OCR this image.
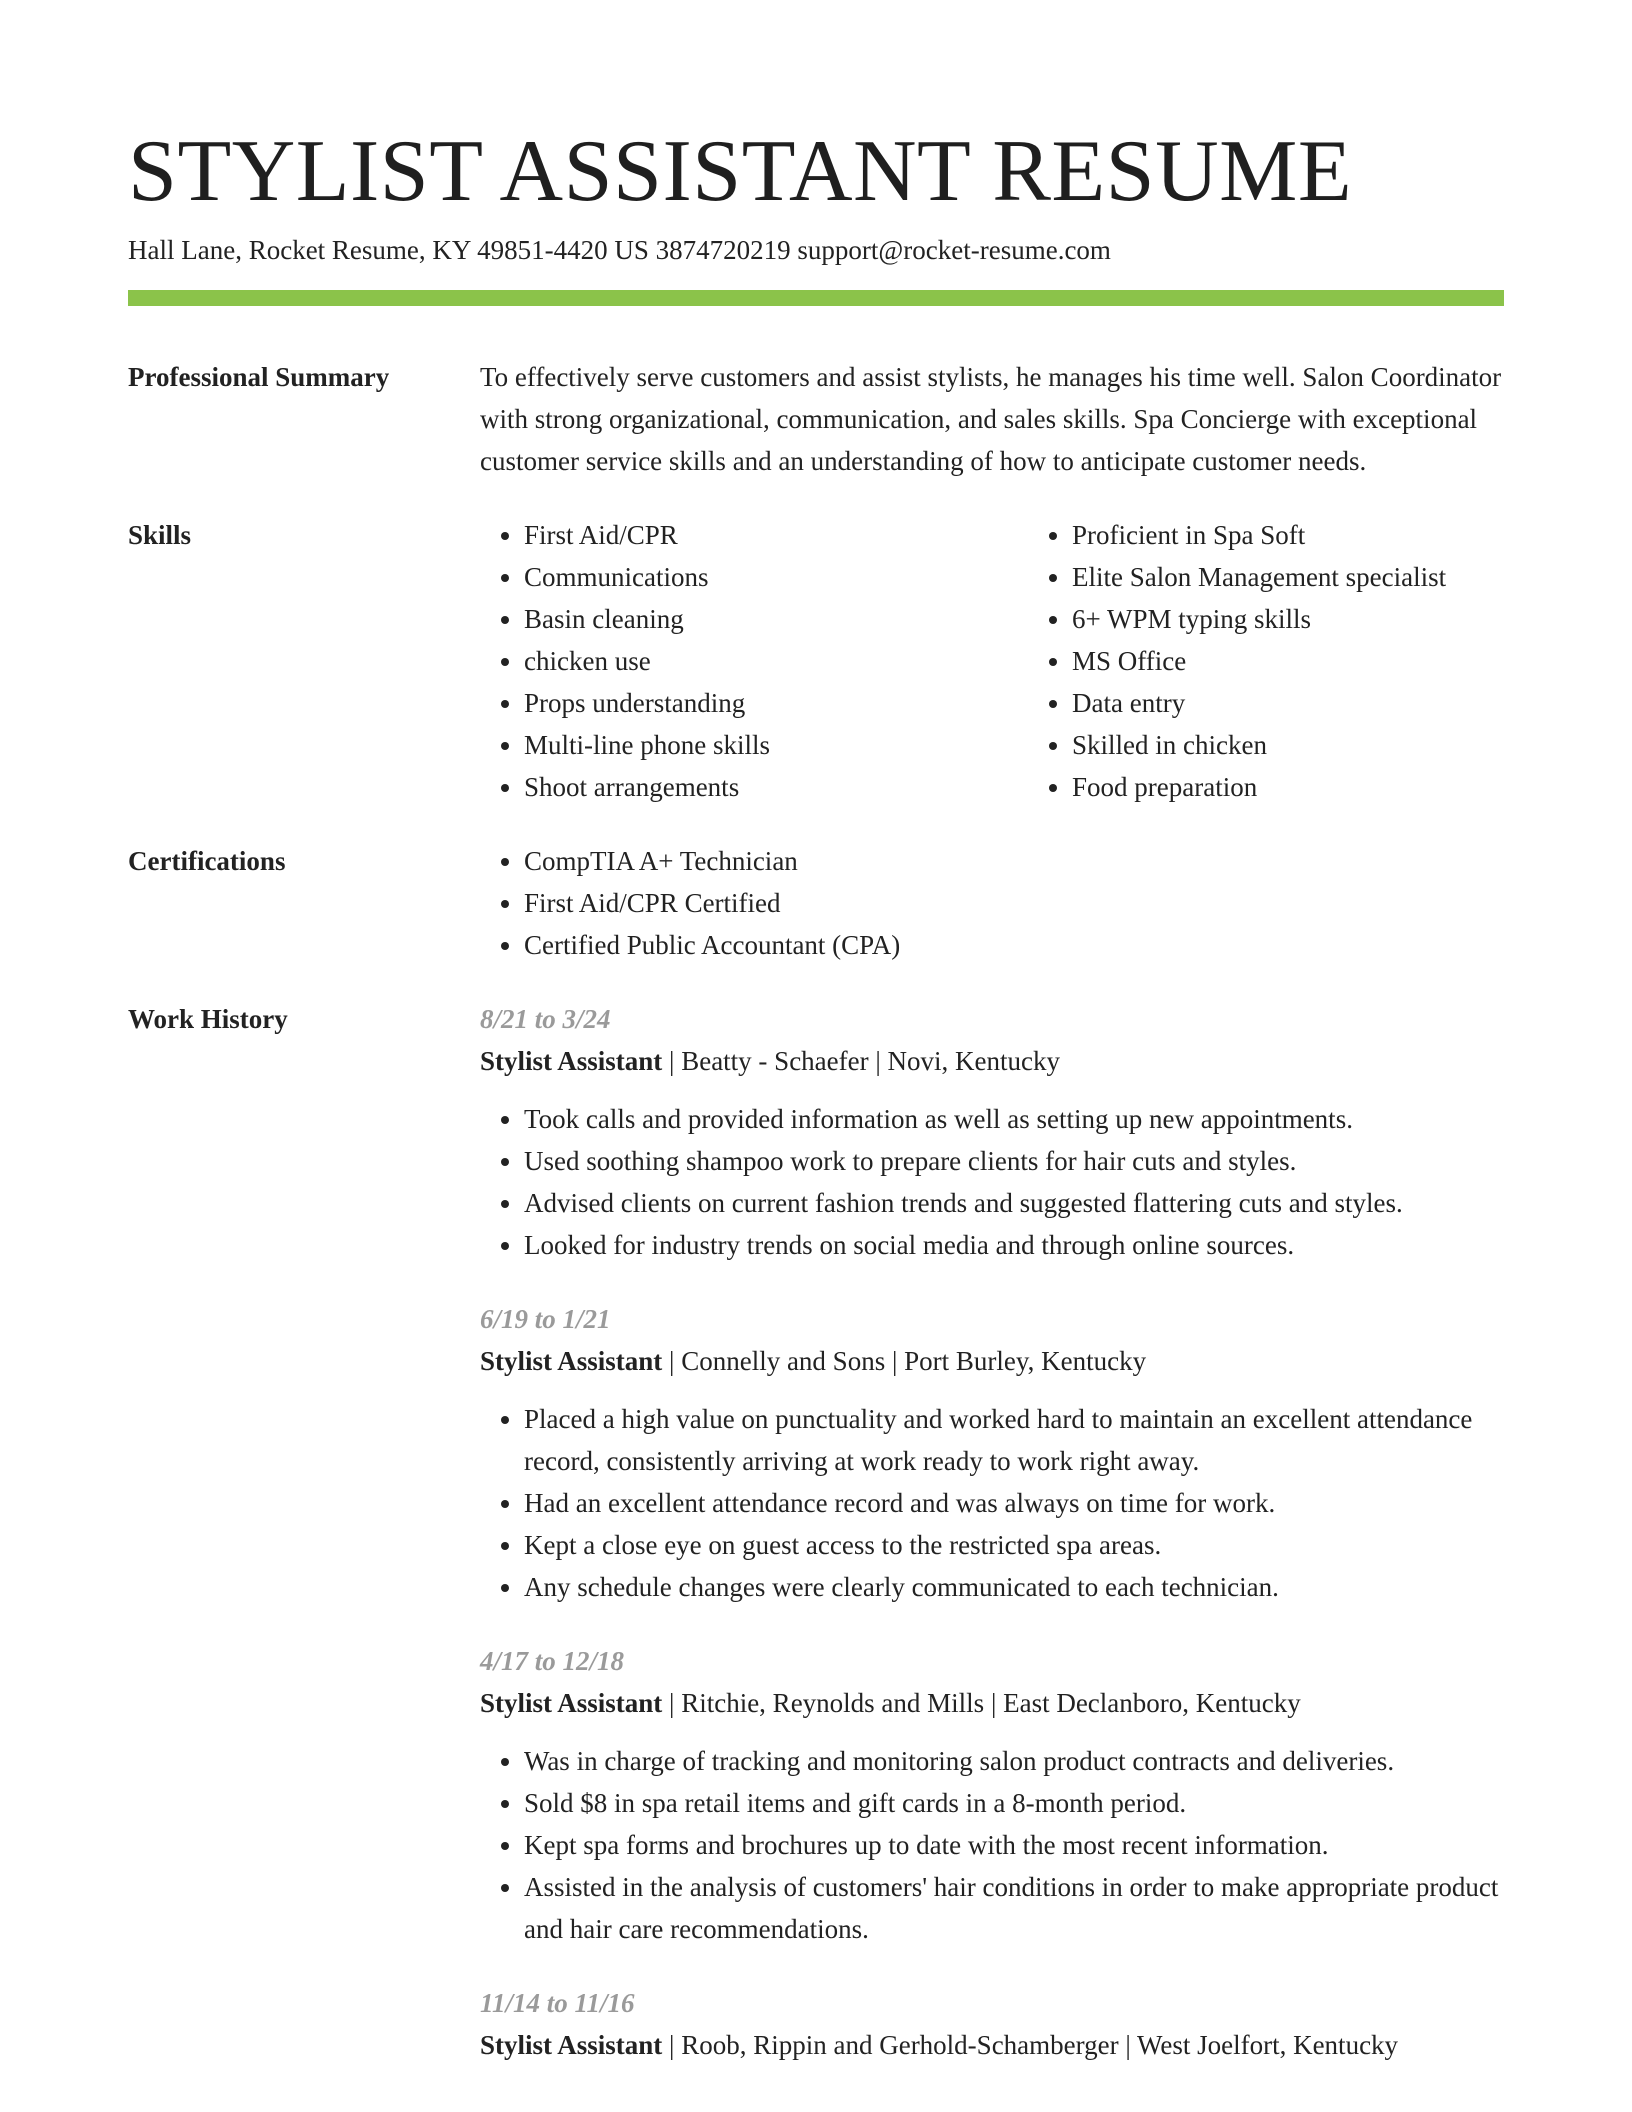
STYLIST ASSISTANT RESUME
Hall Lane, Rocket Resume, KY 49851-4420 US 3874720219 support@rocket-resume.com
Professional Summary	To effectively serve customers and assist stylists, he manages his time well. Salon Coordinator with strong organizational, communication, and sales skills. Spa Concierge with exceptional customer service skills and an understanding of how to anticipate customer needs.
Skills	• First Aid/CPR
• Communications
• Basin cleaning
• chicken use
• Props understanding
• Multi-line phone skills
• Shoot arrangements
• Proficient in Spa Soft
• Elite Salon Management specialist
• 6+ WPM typing skills
• MS Office
• Data entry
• Skilled in chicken
• Food preparation
Certifications	• CompTIA A+ Technician
• First Aid/CPR Certified
• Certified Public Accountant (CPA)
Work History	8/21 to 3/24
Stylist Assistant | Beatty - Schaefer | Novi, Kentucky
• Took calls and provided information as well as setting up new appointments.
• Used soothing shampoo work to prepare clients for hair cuts and styles.
• Advised clients on current fashion trends and suggested flattering cuts and styles.
• Looked for industry trends on social media and through online sources.
6/19 to 1/21
Stylist Assistant | Connelly and Sons | Port Burley, Kentucky
• Placed a high value on punctuality and worked hard to maintain an excellent attendance record, consistently arriving at work ready to work right away.
• Had an excellent attendance record and was always on time for work.
• Kept a close eye on guest access to the restricted spa areas.
• Any schedule changes were clearly communicated to each technician.
4/17 to 12/18
Stylist Assistant | Ritchie, Reynolds and Mills | East Declanboro, Kentucky
• Was in charge of tracking and monitoring salon product contracts and deliveries.
• Sold $8 in spa retail items and gift cards in a 8-month period.
• Kept spa forms and brochures up to date with the most recent information.
• Assisted in the analysis of customers' hair conditions in order to make appropriate product and hair care recommendations.
11/14 to 11/16
Stylist Assistant | Roob, Rippin and Gerhold-Schamberger | West Joelfort, Kentucky
